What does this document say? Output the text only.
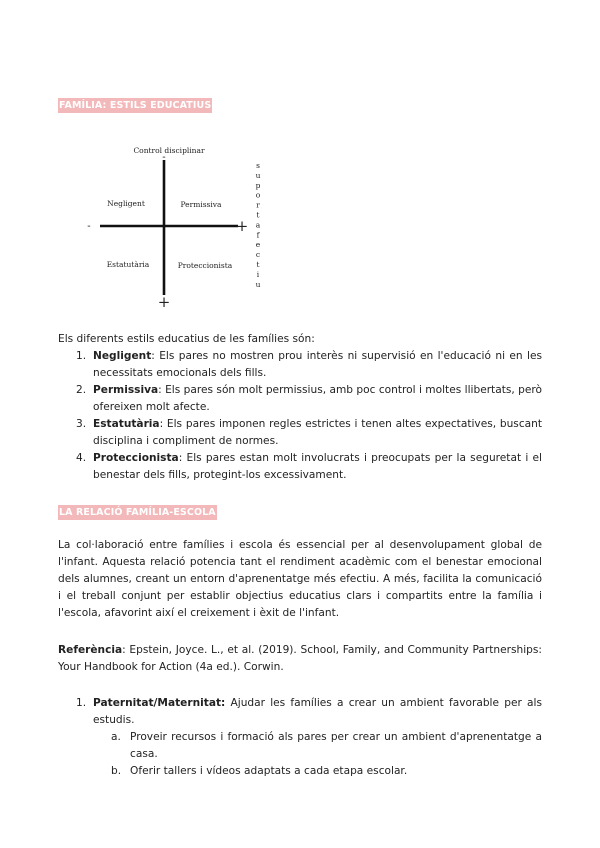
FAMÍLIA: ESTILS EDUCATIUS
Control disciplinar
-
-	+
+
Negligent	Permissiva
Estatutària	Proteccionista
s u p o r t a f e c t i u

Els diferents estils educatius de les famílies són:

1. Negligent: Els pares no mostren prou interès ni supervisió en l'educació ni en les necessitats emocionals dels fills.
2. Permissiva: Els pares són molt permissius, amb poc control i moltes llibertats, però ofereixen molt afecte.
3. Estatutària: Els pares imponen regles estrictes i tenen altes expectatives, buscant disciplina i compliment de normes.
4. Proteccionista: Els pares estan molt involucrats i preocupats per la seguretat i el benestar dels fills, protegint-los excessivament.
LA RELACIÓ FAMÍLIA-ESCOLA

La col·laboració entre famílies i escola és essencial per al desenvolupament global de l'infant. Aquesta relació potencia tant el rendiment acadèmic com el benestar emocional dels alumnes, creant un entorn d'aprenentatge més efectiu. A més, facilita la comunicació i el treball conjunt per establir objectius educatius clars i compartits entre la família i l'escola, afavorint així el creixement i èxit de l'infant.

Referència: Epstein, Joyce. L., et al. (2019). School, Family, and Community Partnerships: Your Handbook for Action (4a ed.). Corwin.

1. Paternitat/Maternitat: Ajudar les famílies a crear un ambient favorable per als estudis.
a. Proveir recursos i formació als pares per crear un ambient d'aprenentatge a casa.
b. Oferir tallers i vídeos adaptats a cada etapa escolar.
